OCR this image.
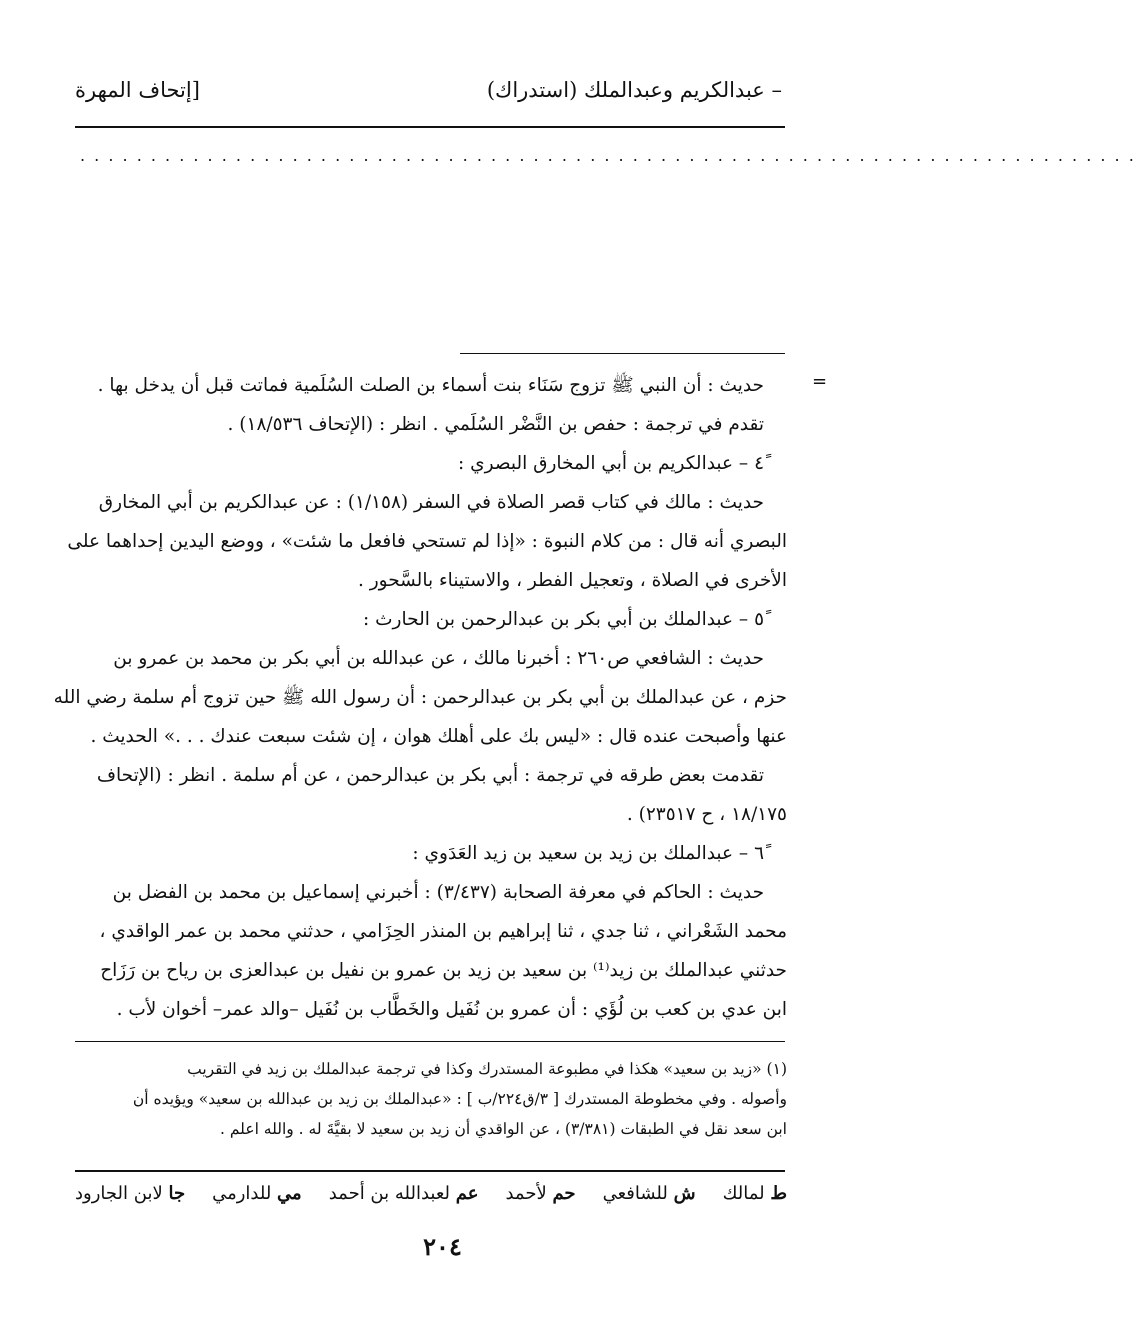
– عبدالكريم وعبدالملك (استدراك)
[إتحاف المهرة
. . . . . . . . . . . . . . . . . . . . . . . . . . . . . . . . . . . . . . . . . . . . . . . . . . . . . . . . . . . . . . . . . . . . . . . . . . .
=
حديث : أن النبي ﷺ تزوج سَنَاء بنت أسماء بن الصلت السُلَمية فماتت قبل أن يدخل بها .
تقدم في ترجمة : حفص بن النَّضْر السُلَمي . انظر : (الإتحاف ١٨/٥٣٦) .
٤ً – عبدالكريم بن أبي المخارق البصري :
حديث : مالك في كتاب قصر الصلاة في السفر (١/١٥٨) : عن عبدالكريم بن أبي المخارق
البصري أنه قال : من كلام النبوة : «إذا لم تستحي فافعل ما شئت» ، ووضع اليدين إحداهما على
الأخرى في الصلاة ، وتعجيل الفطر ، والاستيناء بالسَّحور .
٥ً – عبدالملك بن أبي بكر بن عبدالرحمن بن الحارث :
حديث : الشافعي ص٢٦٠ : أخبرنا مالك ، عن عبدالله بن أبي بكر بن محمد بن عمرو بن
حزم ، عن عبدالملك بن أبي بكر بن عبدالرحمن : أن رسول الله ﷺ حين تزوج أم سلمة رضي الله
عنها وأصبحت عنده قال : «ليس بك على أهلك هوان ، إن شئت سبعت عندك . . .» الحديث .
تقدمت بعض طرقه في ترجمة : أبي بكر بن عبدالرحمن ، عن أم سلمة . انظر : (الإتحاف
١٨/١٧٥ ، ح ٢٣٥١٧) .
٦ً – عبدالملك بن زيد بن سعيد بن زيد العَدَوي :
حديث : الحاكم في معرفة الصحابة (٣/٤٣٧) : أخبرني إسماعيل بن محمد بن الفضل بن
محمد الشَعْراني ، ثنا جدي ، ثنا إبراهيم بن المنذر الحِزَامي ، حدثني محمد بن عمر الواقدي ،
حدثني عبدالملك بن زيد⁽¹⁾ بن سعيد بن زيد بن عمرو بن نفيل بن عبدالعزى بن رياح بن رَزَاح
ابن عدي بن كعب بن لُؤَي : أن عمرو بن نُفَيل والخَطَّاب بن نُفَيل –والد عمر– أخوان لأب .
(١) «زيد بن سعيد» هكذا في مطبوعة المستدرك وكذا في ترجمة عبدالملك بن زيد في التقريب
وأصوله . وفي مخطوطة المستدرك [ ٣/ق٢٢٤/ب ] : «عبدالملك بن زيد بن عبدالله بن سعيد» ويؤيده أن
ابن سعد نقل في الطبقات (٣/٣٨١) ، عن الواقدي أن زيد بن سعيد لا بقيَّةَ له . والله اعلم .
ط لمالك
ش للشافعي
حم لأحمد
عم لعبدالله بن أحمد
مي للدارمي
جا لابن الجارود
٢٠٤
